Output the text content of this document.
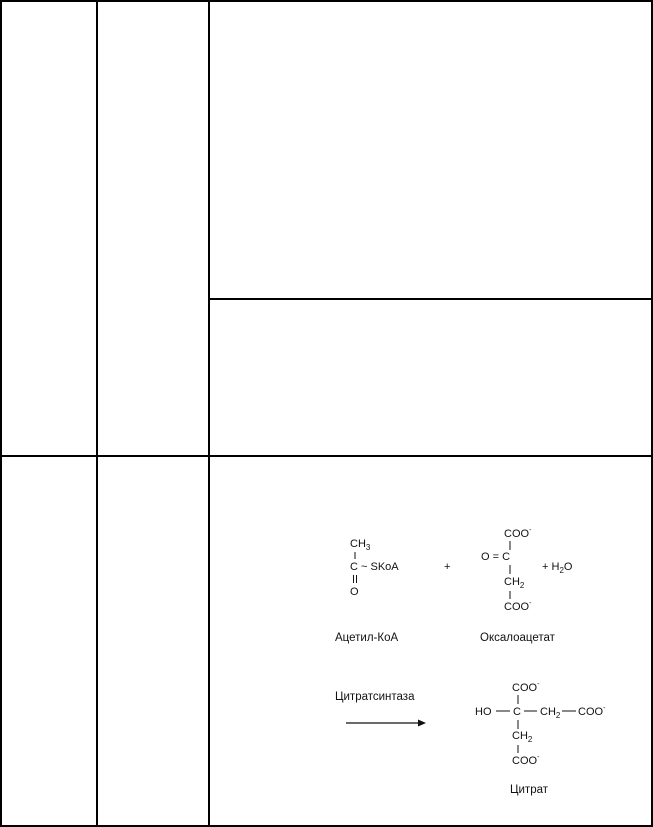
$CH_3$
C ~ SKoA
O
Ацетил-КоА
+
COO-
O = C
$CH_2$
COO-
Оксалоацетат
+ $H_2O$
Цитратсинтаза
COO-
HO C $CH_2$ COO-
$CH_2$
COO-
Цитрат
